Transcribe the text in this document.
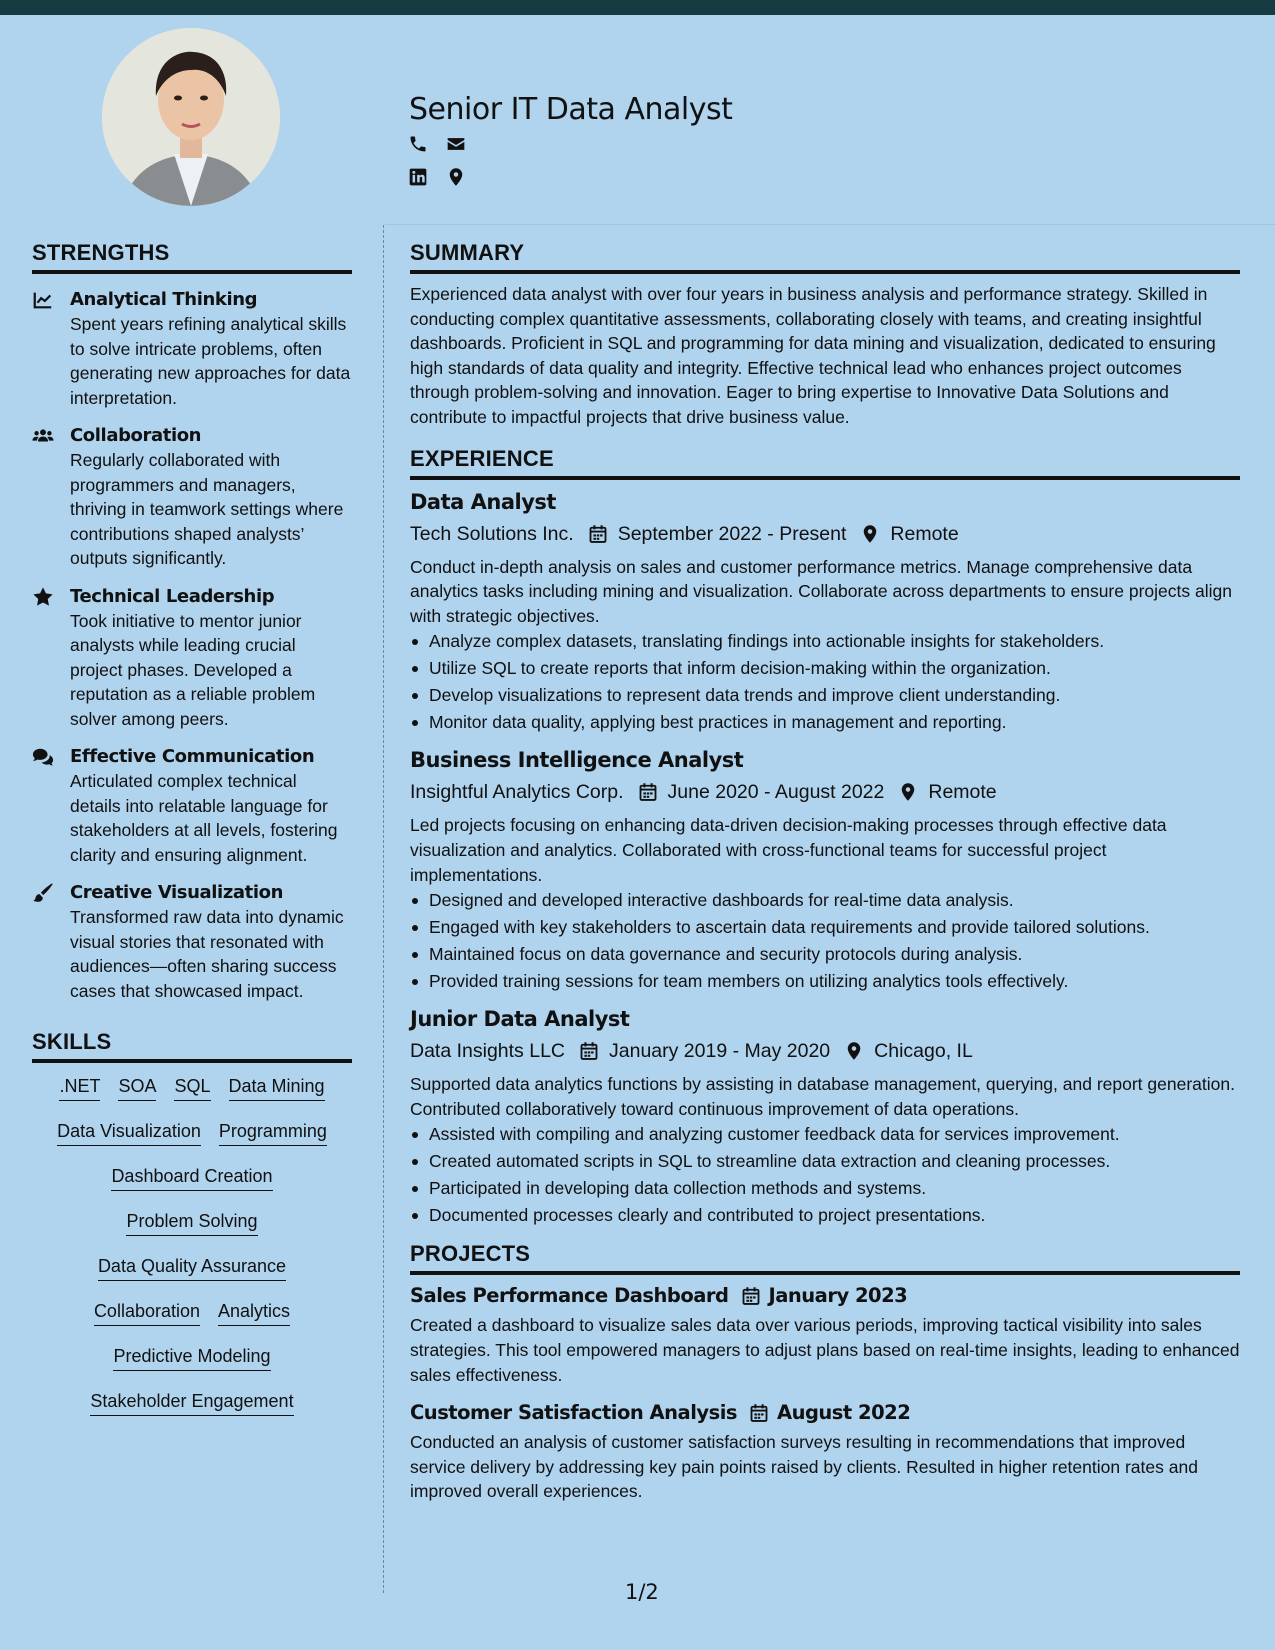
Senior IT Data Analyst
STRENGTHS
Analytical Thinking
Spent years refining analytical skills to solve intricate problems, often generating new approaches for data interpretation.
Collaboration
Regularly collaborated with programmers and managers, thriving in teamwork settings where contributions shaped analysts’ outputs significantly.
Technical Leadership
Took initiative to mentor junior analysts while leading crucial project phases. Developed a reputation as a reliable problem solver among peers.
Effective Communication
Articulated complex technical details into relatable language for stakeholders at all levels, fostering clarity and ensuring alignment.
Creative Visualization
Transformed raw data into dynamic visual stories that resonated with audiences—often sharing success cases that showcased impact.
SKILLS
.NET SOA SQL Data Mining
Data Visualization Programming
Dashboard Creation
Problem Solving
Data Quality Assurance
Collaboration Analytics
Predictive Modeling
Stakeholder Engagement
SUMMARY

Experienced data analyst with over four years in business analysis and performance strategy. Skilled in conducting complex quantitative assessments, collaborating closely with teams, and creating insightful dashboards. Proficient in SQL and programming for data mining and visualization, dedicated to ensuring high standards of data quality and integrity. Effective technical lead who enhances project outcomes through problem-solving and innovation. Eager to bring expertise to Innovative Data Solutions and contribute to impactful projects that drive business value.

EXPERIENCE
Data Analyst
Tech Solutions Inc. September 2022 - Present Remote

Conduct in-depth analysis on sales and customer performance metrics. Manage comprehensive data analytics tasks including mining and visualization. Collaborate across departments to ensure projects align with strategic objectives.

Analyze complex datasets, translating findings into actionable insights for stakeholders.
Utilize SQL to create reports that inform decision-making within the organization.
Develop visualizations to represent data trends and improve client understanding.
Monitor data quality, applying best practices in management and reporting.
Business Intelligence Analyst
Insightful Analytics Corp. June 2020 - August 2022 Remote

Led projects focusing on enhancing data-driven decision-making processes through effective data visualization and analytics. Collaborated with cross-functional teams for successful project implementations.

Designed and developed interactive dashboards for real-time data analysis.
Engaged with key stakeholders to ascertain data requirements and provide tailored solutions.
Maintained focus on data governance and security protocols during analysis.
Provided training sessions for team members on utilizing analytics tools effectively.
Junior Data Analyst
Data Insights LLC January 2019 - May 2020 Chicago, IL

Supported data analytics functions by assisting in database management, querying, and report generation. Contributed collaboratively toward continuous improvement of data operations.

Assisted with compiling and analyzing customer feedback data for services improvement.
Created automated scripts in SQL to streamline data extraction and cleaning processes.
Participated in developing data collection methods and systems.
Documented processes clearly and contributed to project presentations.
PROJECTS
Sales Performance Dashboard January 2023

Created a dashboard to visualize sales data over various periods, improving tactical visibility into sales strategies. This tool empowered managers to adjust plans based on real-time insights, leading to enhanced sales effectiveness.

Customer Satisfaction Analysis August 2022

Conducted an analysis of customer satisfaction surveys resulting in recommendations that improved service delivery by addressing key pain points raised by clients. Resulted in higher retention rates and improved overall experiences.

1/2
